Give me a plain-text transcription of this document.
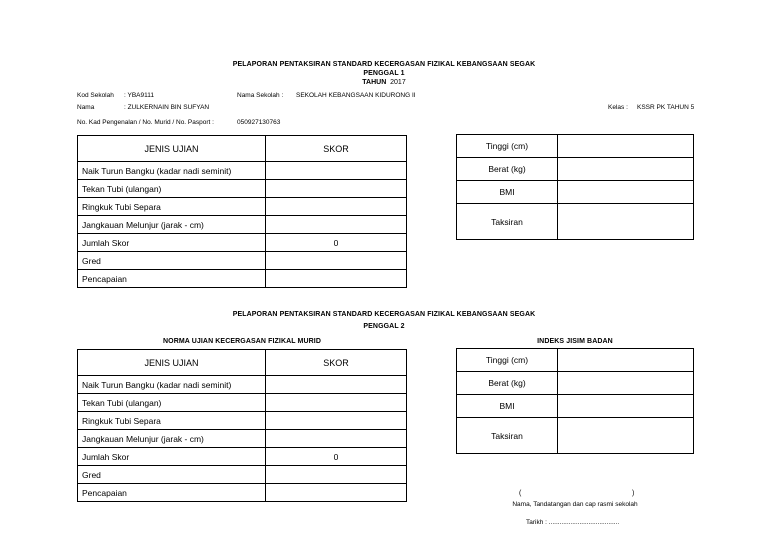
PELAPORAN PENTAKSIRAN STANDARD KECERGASAN FIZIKAL KEBANGSAAN SEGAK
PENGGAL 1
TAHUN 2017
Kod Sekolah : YBA9111	Nama Sekolah : SEKOLAH KEBANGSAAN KIDURONG II
Nama	: ZULKERNAIN BIN SUFYAN	Kelas : KSSR PK TAHUN 5
No. Kad Pengenalan / No. Murid / No. Pasport :	050927130763
JENIS UJIAN	SKOR
Naik Turun Bangku (kadar nadi seminit)	
Tekan Tubi (ulangan)	
Ringkuk Tubi Separa	
Jangkauan Melunjur (jarak - cm)	
Jumlah Skor	0
Gred	
Pencapaian	
Tinggi (cm)	
Berat (kg)	
BMI	
Taksiran	
PELAPORAN PENTAKSIRAN STANDARD KECERGASAN FIZIKAL KEBANGSAAN SEGAK
PENGGAL 2
NORMA UJIAN KECERGASAN FIZIKAL MURID	INDEKS JISIM BADAN
JENIS UJIAN	SKOR
Naik Turun Bangku (kadar nadi seminit)	
Tekan Tubi (ulangan)	
Ringkuk Tubi Separa	
Jangkauan Melunjur (jarak - cm)	
Jumlah Skor	0
Gred	
Pencapaian	
Tinggi (cm)	
Berat (kg)	
BMI	
Taksiran	
(	)
Nama, Tandatangan dan cap rasmi sekolah
Tarikh : .......................................
